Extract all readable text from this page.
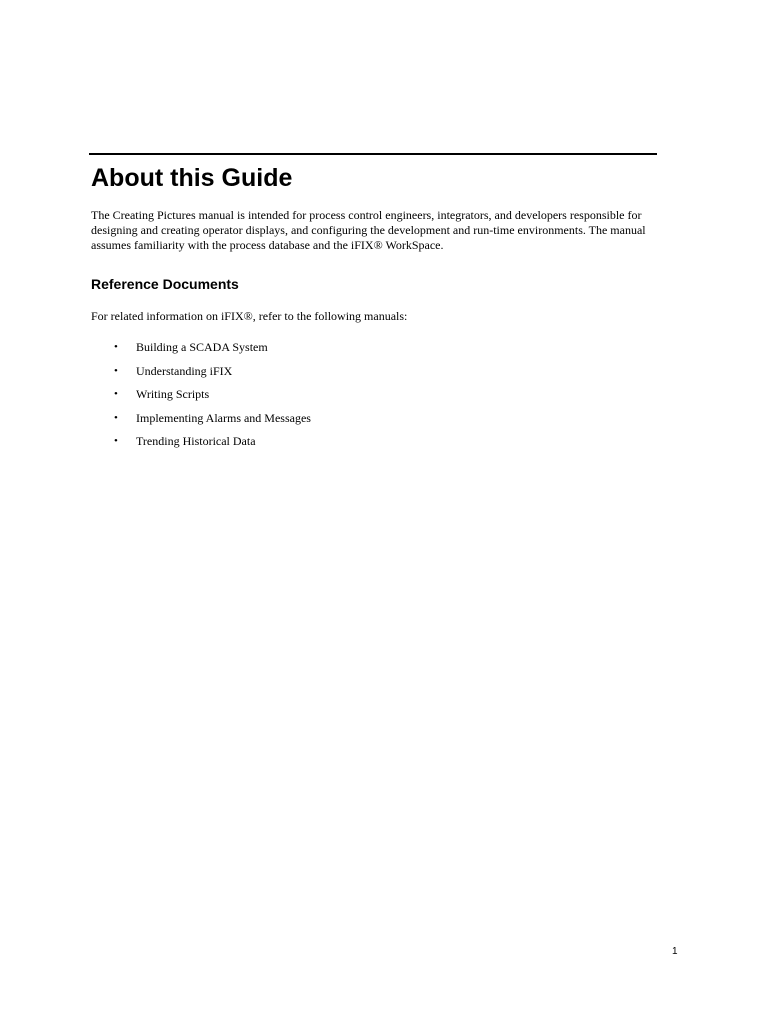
About this Guide

The Creating Pictures manual is intended for process control engineers, integrators, and developers responsible for designing and creating operator displays, and configuring the development and run-time environments. The manual assumes familiarity with the process database and the iFIX® WorkSpace.

Reference Documents

For related information on iFIX®, refer to the following manuals:

• Building a SCADA System
• Understanding iFIX
• Writing Scripts
• Implementing Alarms and Messages
• Trending Historical Data
1
